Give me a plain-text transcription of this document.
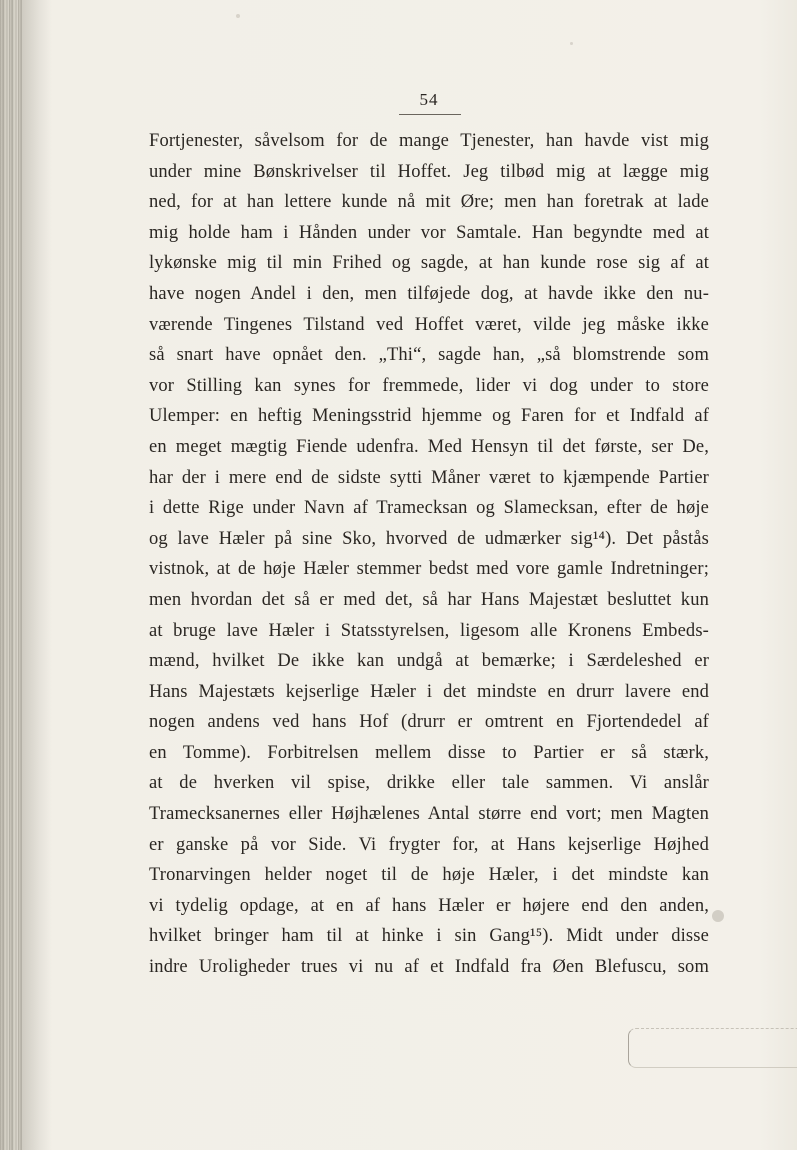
54
Fortjenester, såvelsom for de mange Tjenester, han havde vist mig
under mine Bønskrivelser til Hoffet. Jeg tilbød mig at lægge mig
ned, for at han lettere kunde nå mit Øre; men han foretrak at lade
mig holde ham i Hånden under vor Samtale. Han begyndte med at
lykønske mig til min Frihed og sagde, at han kunde rose sig af at
have nogen Andel i den, men tilføjede dog, at havde ikke den nu-
værende Tingenes Tilstand ved Hoffet været, vilde jeg måske ikke
så snart have opnået den. „Thi“, sagde han, „så blomstrende som
vor Stilling kan synes for fremmede, lider vi dog under to store
Ulemper: en heftig Meningsstrid hjemme og Faren for et Indfald af
en meget mægtig Fiende udenfra. Med Hensyn til det første, ser De,
har der i mere end de sidste sytti Måner været to kjæmpende Partier
i dette Rige under Navn af Tramecksan og Slamecksan, efter de høje
og lave Hæler på sine Sko, hvorved de udmærker sig¹⁴). Det påstås
vistnok, at de høje Hæler stemmer bedst med vore gamle Indretninger;
men hvordan det så er med det, så har Hans Majestæt besluttet kun
at bruge lave Hæler i Statsstyrelsen, ligesom alle Kronens Embeds-
mænd, hvilket De ikke kan undgå at bemærke; i Særdeleshed er
Hans Majestæts kejserlige Hæler i det mindste en drurr lavere end
nogen andens ved hans Hof (drurr er omtrent en Fjortendedel af
en Tomme). Forbitrelsen mellem disse to Partier er så stærk,
at de hverken vil spise, drikke eller tale sammen. Vi anslår
Tramecksanernes eller Højhælenes Antal større end vort; men Magten
er ganske på vor Side. Vi frygter for, at Hans kejserlige Højhed
Tronarvingen helder noget til de høje Hæler, i det mindste kan
vi tydelig opdage, at en af hans Hæler er højere end den anden,
hvilket bringer ham til at hinke i sin Gang¹⁵). Midt under disse
indre Uroligheder trues vi nu af et Indfald fra Øen Blefuscu, som
